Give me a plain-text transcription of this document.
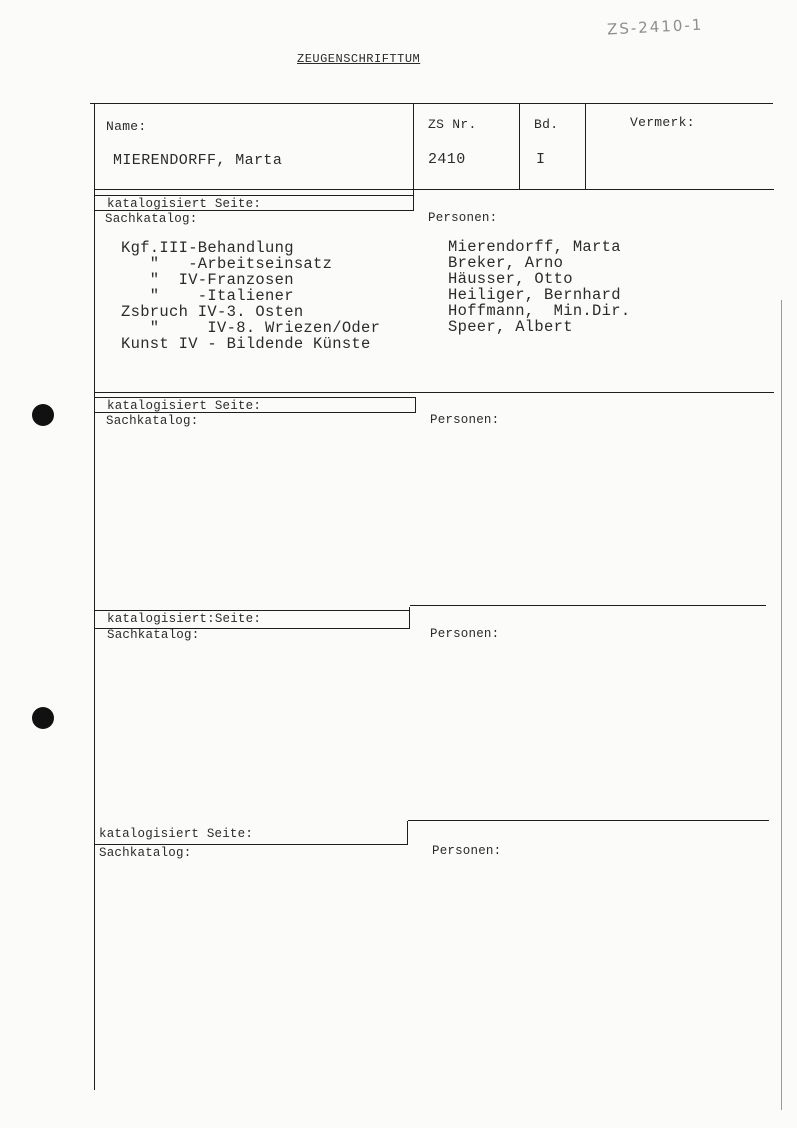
ZS-2410-1
ZEUGENSCHRIFTTUM
Name:
MIERENDORFF, Marta
ZS Nr.
2410
Bd.
I
Vermerk:
katalogisiert Seite:
Sachkatalog:	Personen:
Kgf.III-Behandlung
"   -Arbeitseinsatz
"  IV-Franzosen
"    -Italiener
Zsbruch IV-3. Osten
"     IV-8. Wriezen/Oder
Kunst IV - Bildende Künste
Mierendorff, Marta
Breker, Arno
Häusser, Otto
Heiliger, Bernhard
Hoffmann,  Min.Dir.
Speer, Albert
katalogisiert Seite:
Sachkatalog:	Personen:
katalogisiert:Seite:
Sachkatalog:	Personen:
katalogisiert Seite:
Sachkatalog:	Personen:
